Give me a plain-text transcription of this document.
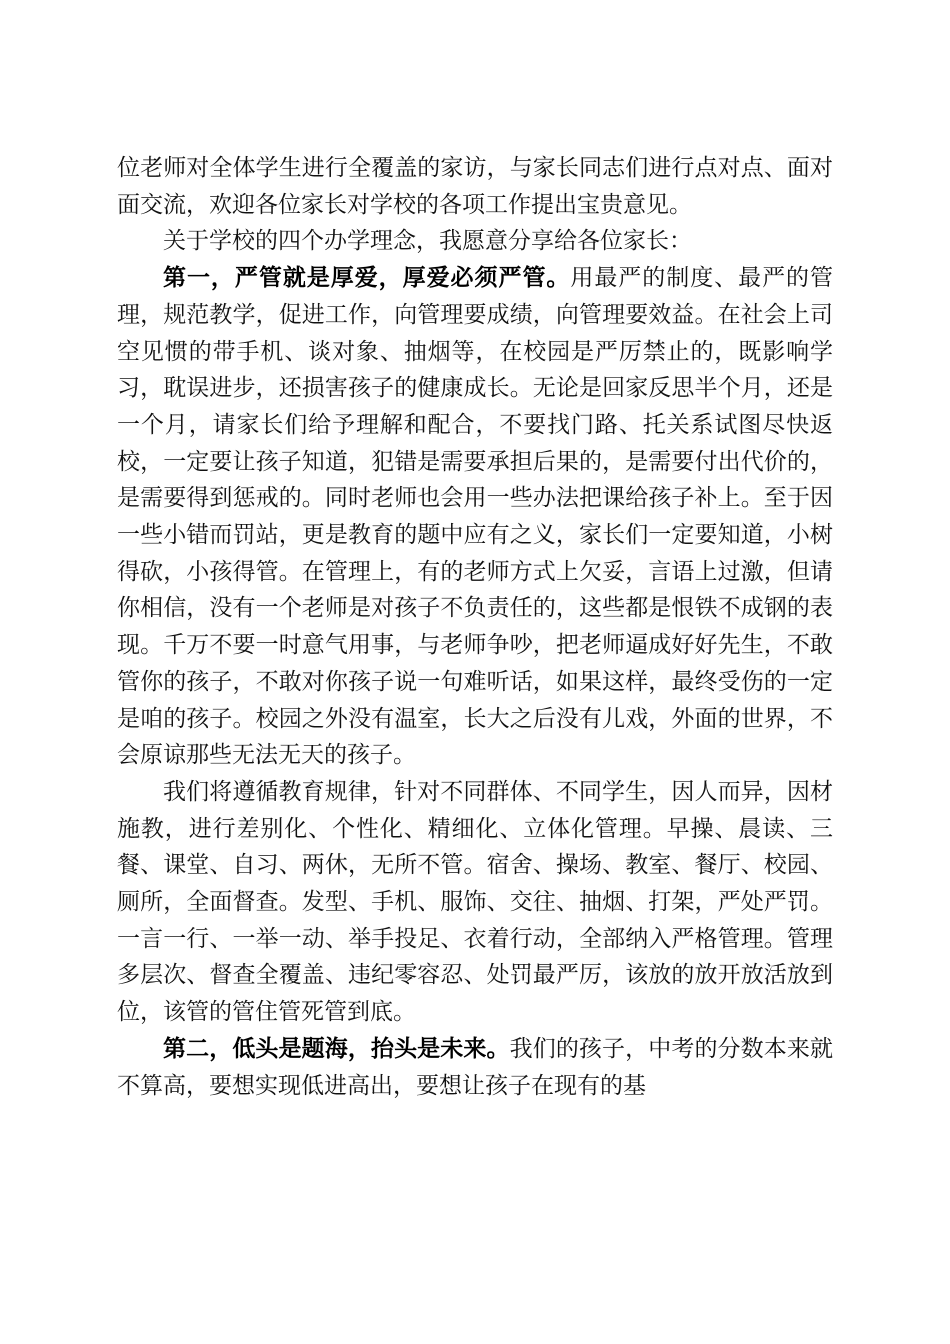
位老师对全体学生进行全覆盖的家访，与家长同志们进行点对点、面对面交流，欢迎各位家长对学校的各项工作提出宝贵意见。

关于学校的四个办学理念，我愿意分享给各位家长：

第一，严管就是厚爱，厚爱必须严管。用最严的制度、最严的管理，规范教学，促进工作，向管理要成绩，向管理要效益。在社会上司空见惯的带手机、谈对象、抽烟等，在校园是严厉禁止的，既影响学习，耽误进步，还损害孩子的健康成长。无论是回家反思半个月，还是一个月，请家长们给予理解和配合，不要找门路、托关系试图尽快返校，一定要让孩子知道，犯错是需要承担后果的，是需要付出代价的，是需要得到惩戒的。同时老师也会用一些办法把课给孩子补上。至于因一些小错而罚站，更是教育的题中应有之义，家长们一定要知道，小树得砍，小孩得管。在管理上，有的老师方式上欠妥，言语上过激，但请你相信，没有一个老师是对孩子不负责任的，这些都是恨铁不成钢的表现。千万不要一时意气用事，与老师争吵，把老师逼成好好先生，不敢管你的孩子，不敢对你孩子说一句难听话，如果这样，最终受伤的一定是咱的孩子。校园之外没有温室，长大之后没有儿戏，外面的世界，不会原谅那些无法无天的孩子。

我们将遵循教育规律，针对不同群体、不同学生，因人而异，因材施教，进行差别化、个性化、精细化、立体化管理。早操、晨读、三餐、课堂、自习、两休，无所不管。宿舍、操场、教室、餐厅、校园、厕所，全面督查。发型、手机、服饰、交往、抽烟、打架，严处严罚。一言一行、一举一动、举手投足、衣着行动，全部纳入严格管理。管理多层次、督查全覆盖、违纪零容忍、处罚最严厉，该放的放开放活放到位，该管的管住管死管到底。

第二，低头是题海，抬头是未来。我们的孩子，中考的分数本来就不算高，要想实现低进高出，要想让孩子在现有的基
